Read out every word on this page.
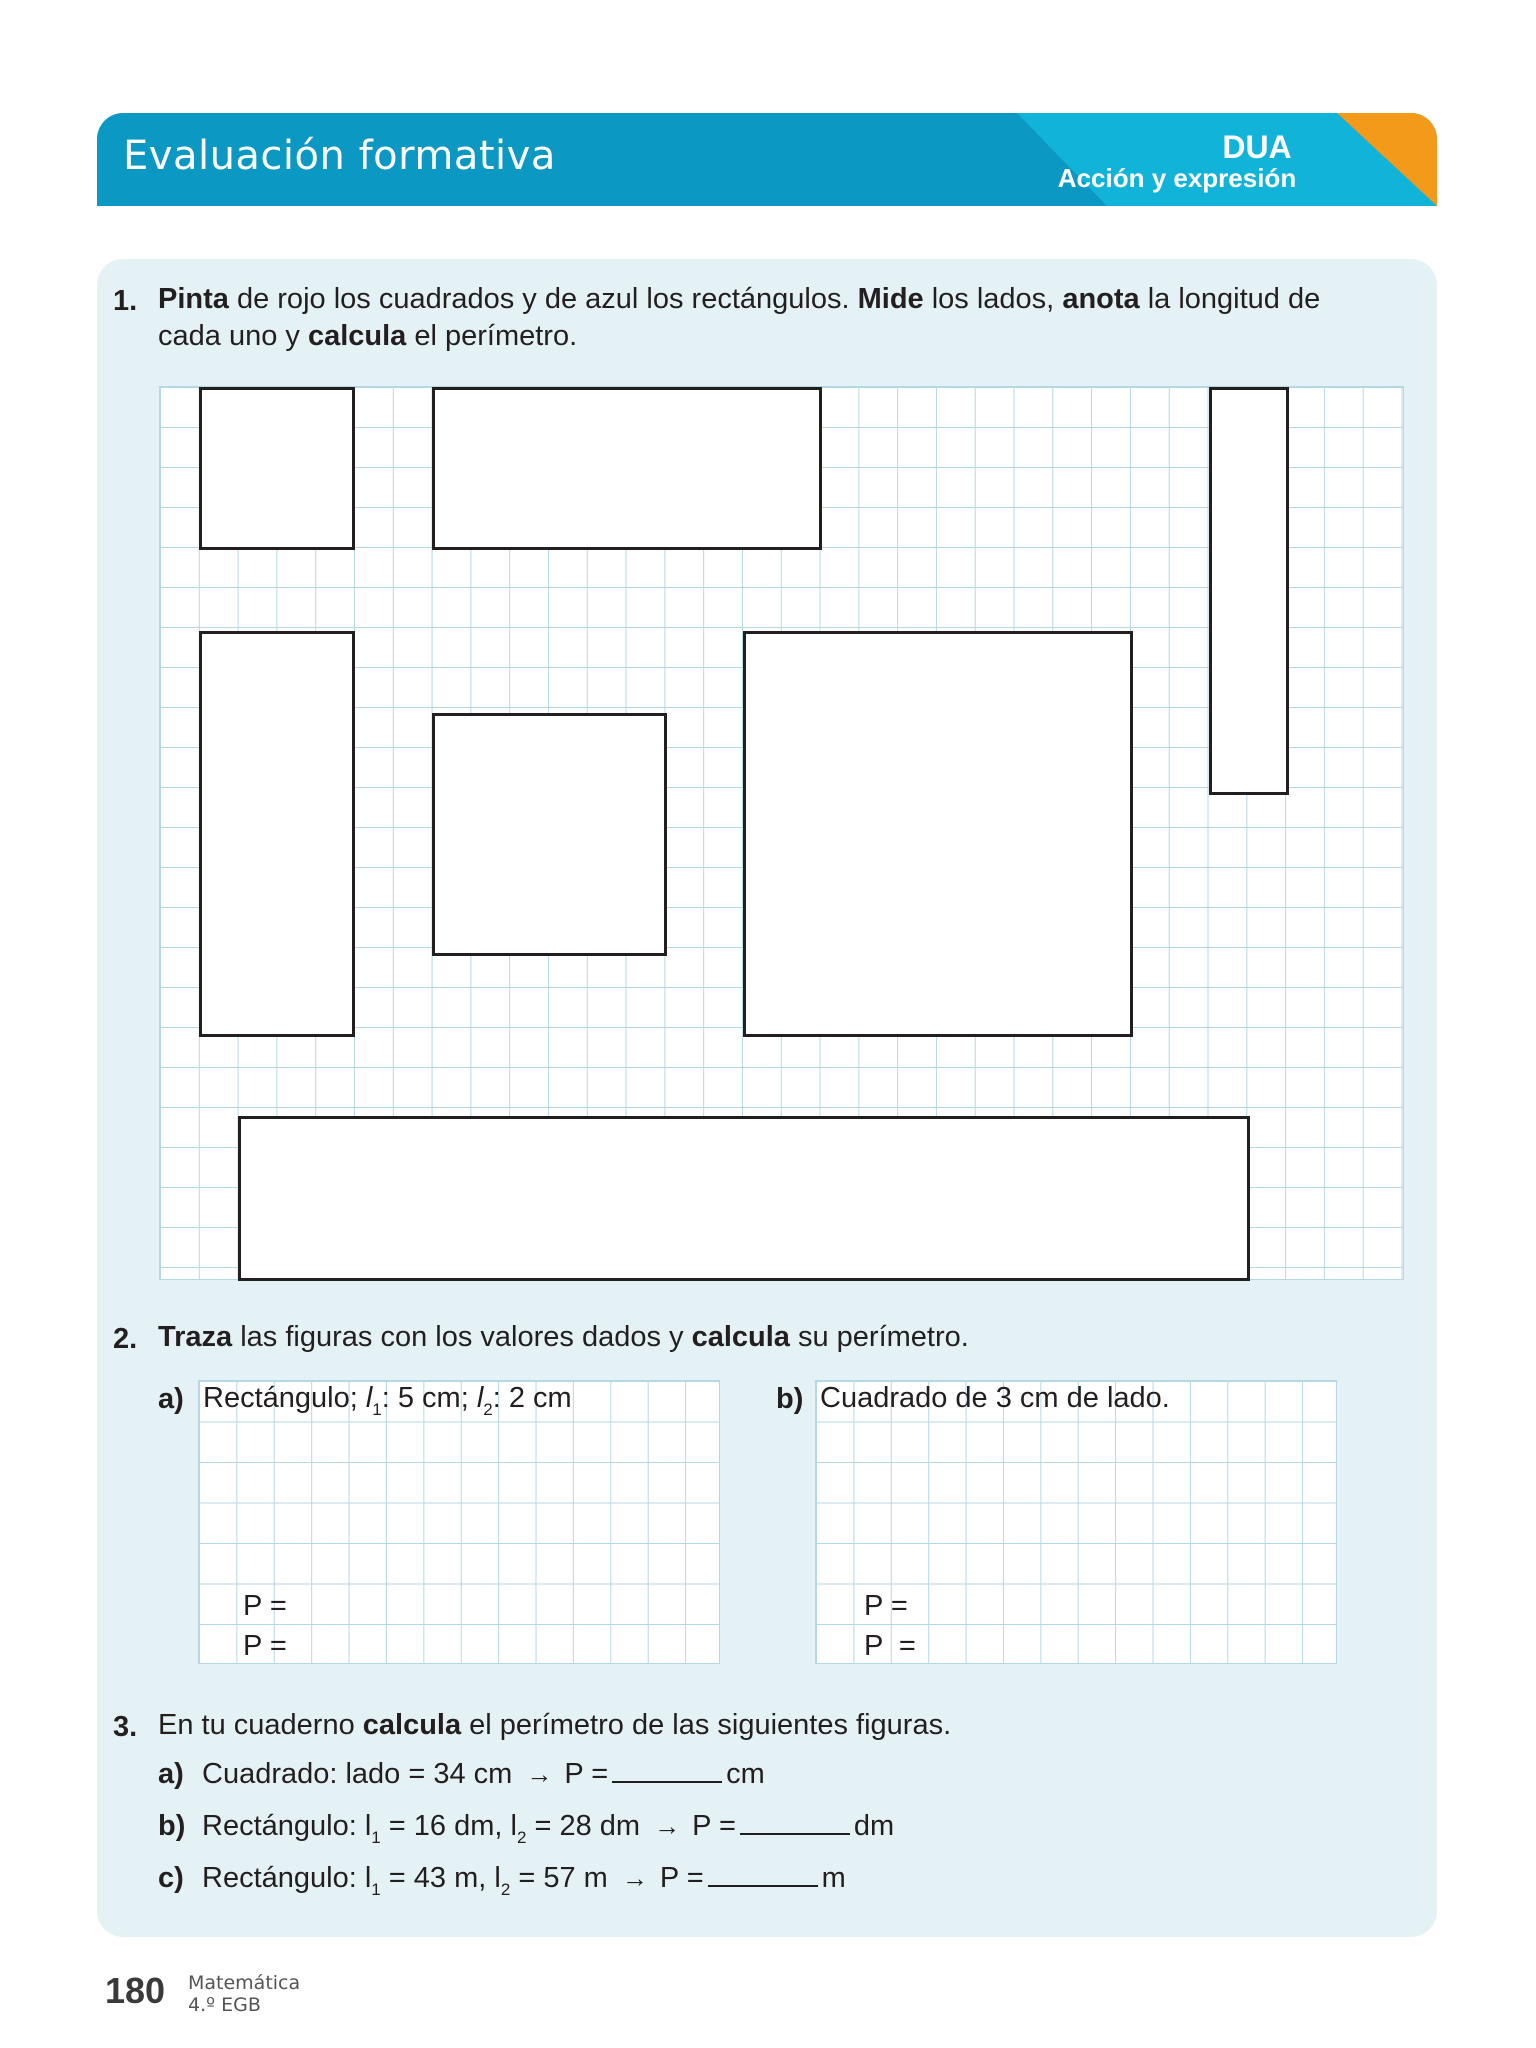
Evaluación formativa	DUA
Acción y expresión
1. Pinta de rojo los cuadrados y de azul los rectángulos. Mide los lados, anota la longitud de
cada uno y calcula el perímetro.
2. Traza las figuras con los valores dados y calcula su perímetro.
a) Rectángulo; $l_1$: 5 cm; $l_2$: 2 cm
P =
P =
b) Cuadrado de 3 cm de lado.
P =
P  =
3. En tu cuaderno calcula el perímetro de las siguientes figuras.
a) Cuadrado: lado = 34 cm → P =	cm
b) Rectángulo: $l_1 = 16$ dm, $l_2 = 28$ dm → P =	dm
c) Rectángulo: $l_1 = 43$ m, $l_2 = 57$ m → P =	m
180 Matemática
4.º EGB
